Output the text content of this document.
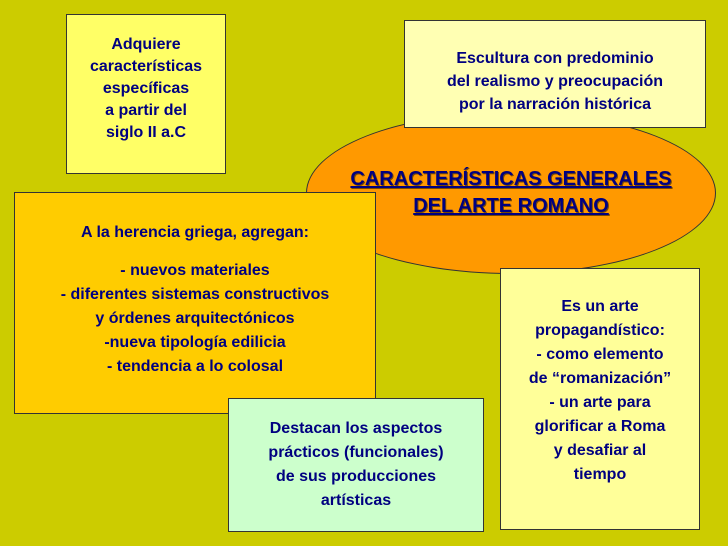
CARACTERÍSTICAS GENERALES
DEL ARTE ROMANO
Adquiere
características
específicas
a partir del
siglo II a.C
Escultura con predominio
del realismo y preocupación
por la narración histórica
A la herencia griega, agregan:
- nuevos materiales
- diferentes sistemas constructivos
y órdenes arquitectónicos
-nueva tipología edilicia
- tendencia a lo colosal
Es un arte
propagandístico:
- como elemento
de “romanización”
- un arte para
glorificar a Roma
y desafiar al
tiempo
Destacan los aspectos
prácticos (funcionales)
de sus producciones
artísticas
